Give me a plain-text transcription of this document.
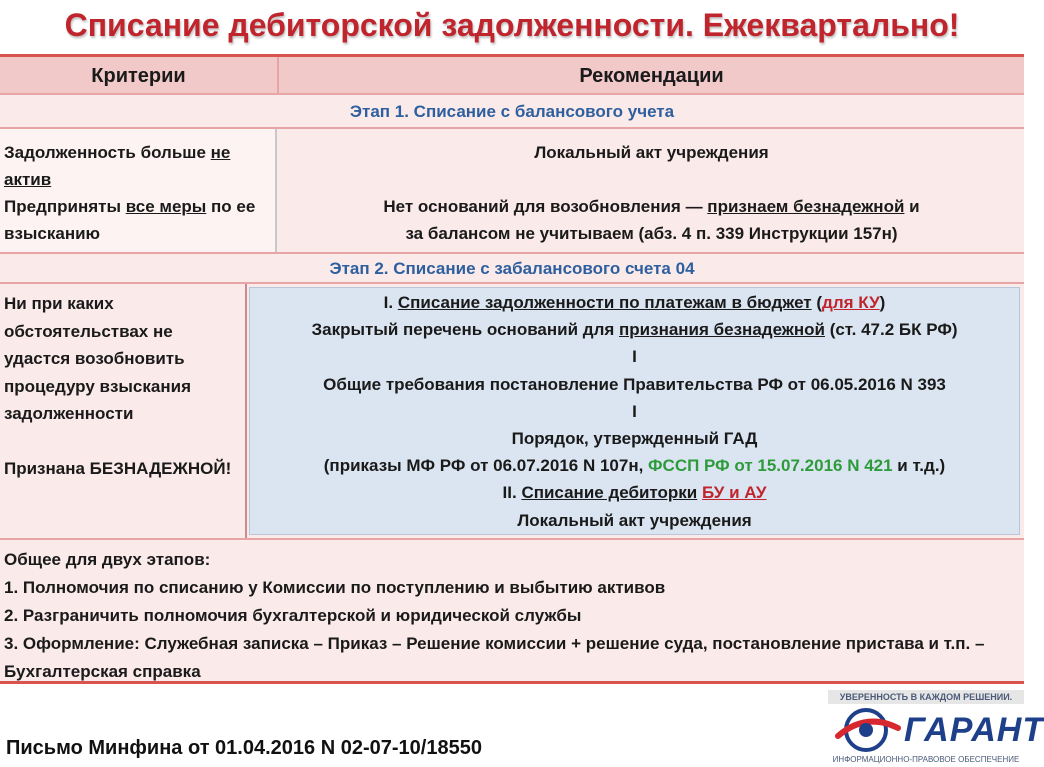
Списание дебиторской задолженности. Ежеквартально!
Критерии	Рекомендации
Этап 1. Списание с балансового учета
Задолженность больше не актив
Предприняты все меры по ее взысканию
Локальный акт учреждения
Нет оснований для возобновления — признаем безнадежной и
за балансом не учитываем (абз. 4 п. 339 Инструкции 157н)
Этап 2. Списание с забалансового счета 04
Ни при каких обстоятельствах не удастся возобновить процедуру взыскания задолженности
Признана БЕЗНАДЕЖНОЙ!
I. Списание задолженности по платежам в бюджет (для КУ)
Закрытый перечень оснований для признания безнадежной (ст. 47.2 БК РФ)
I
Общие требования постановление Правительства РФ от 06.05.2016 N 393
I
Порядок, утвержденный ГАД
(приказы МФ РФ от 06.07.2016 N 107н, ФССП РФ от 15.07.2016 N 421 и т.д.)
II. Списание дебиторки БУ и АУ
Локальный акт учреждения
Общее для двух этапов:
1. Полномочия по списанию у Комиссии по поступлению и выбытию активов
2. Разграничить полномочия бухгалтерской и юридической службы
3. Оформление: Служебная записка – Приказ – Решение комиссии + решение суда, постановление пристава и т.п. – Бухгалтерская справка
Письмо Минфина от 01.04.2016 N 02-07-10/18550
УВЕРЕННОСТЬ В КАЖДОМ РЕШЕНИИ.
ГАРАНТ
ИНФОРМАЦИОННО-ПРАВОВОЕ ОБЕСПЕЧЕНИЕ
